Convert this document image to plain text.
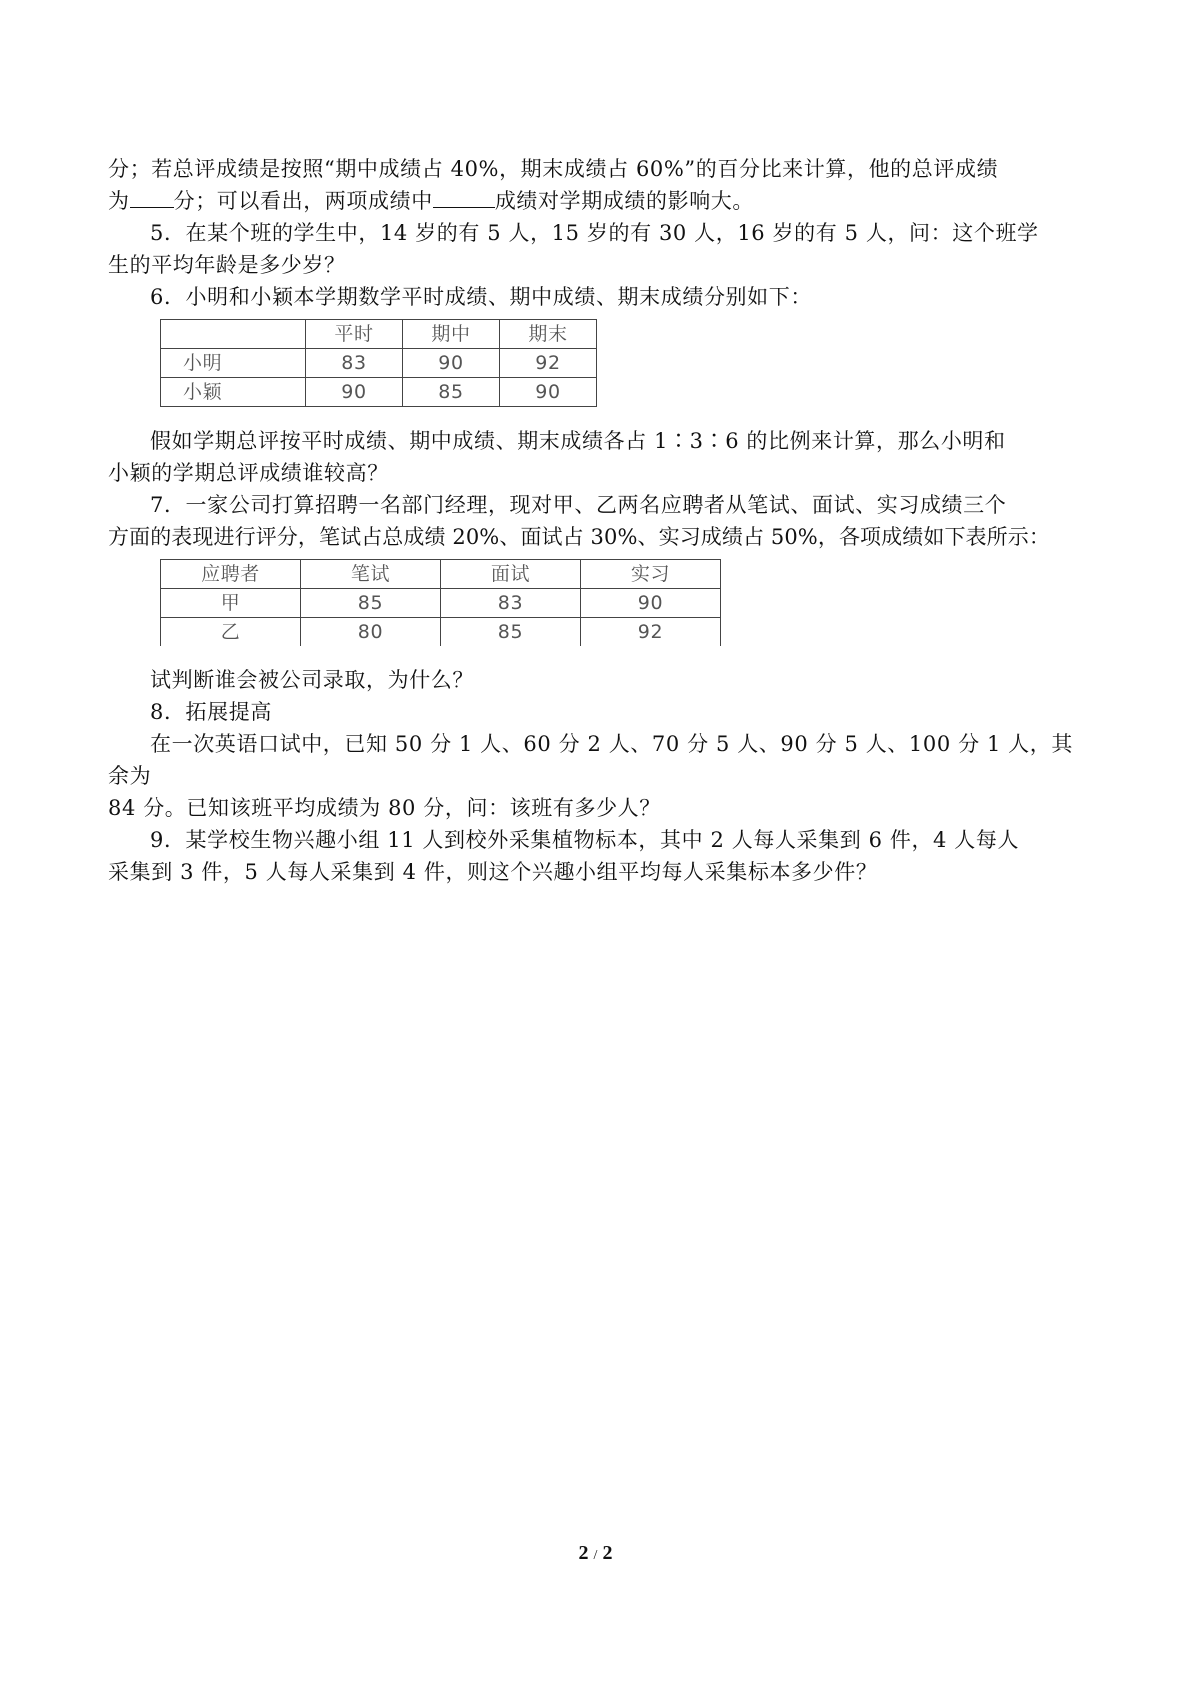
分；若总评成绩是按照“期中成绩占 40%，期末成绩占 60%”的百分比来计算，他的总评成绩

为 分；可以看出，两项成绩中	成绩对学期成绩的影响大。

5．在某个班的学生中，14 岁的有 5 人，15 岁的有 30 人，16 岁的有 5 人，问：这个班学

生的平均年龄是多少岁？

6．小明和小颖本学期数学平时成绩、期中成绩、期末成绩分别如下：

	平时	期中	期末
小明	83	90	92
小颖	90	85	90

假如学期总评按平时成绩、期中成绩、期末成绩各占 1∶3∶6 的比例来计算，那么小明和

小颖的学期总评成绩谁较高？

7．一家公司打算招聘一名部门经理，现对甲、乙两名应聘者从笔试、面试、实习成绩三个

方面的表现进行评分，笔试占总成绩 20%、面试占 30%、实习成绩占 50%，各项成绩如下表所示：

应聘者	笔试	面试	实习
甲	85	83	90
乙	80	85	92

试判断谁会被公司录取，为什么？

8．拓展提高

在一次英语口试中，已知 50 分 1 人、60 分 2 人、70 分 5 人、90 分 5 人、100 分 1 人，其余为

84 分。已知该班平均成绩为 80 分，问：该班有多少人？

9．某学校生物兴趣小组 11 人到校外采集植物标本，其中 2 人每人采集到 6 件，4 人每人

采集到 3 件，5 人每人采集到 4 件，则这个兴趣小组平均每人采集标本多少件？

2 / 2
